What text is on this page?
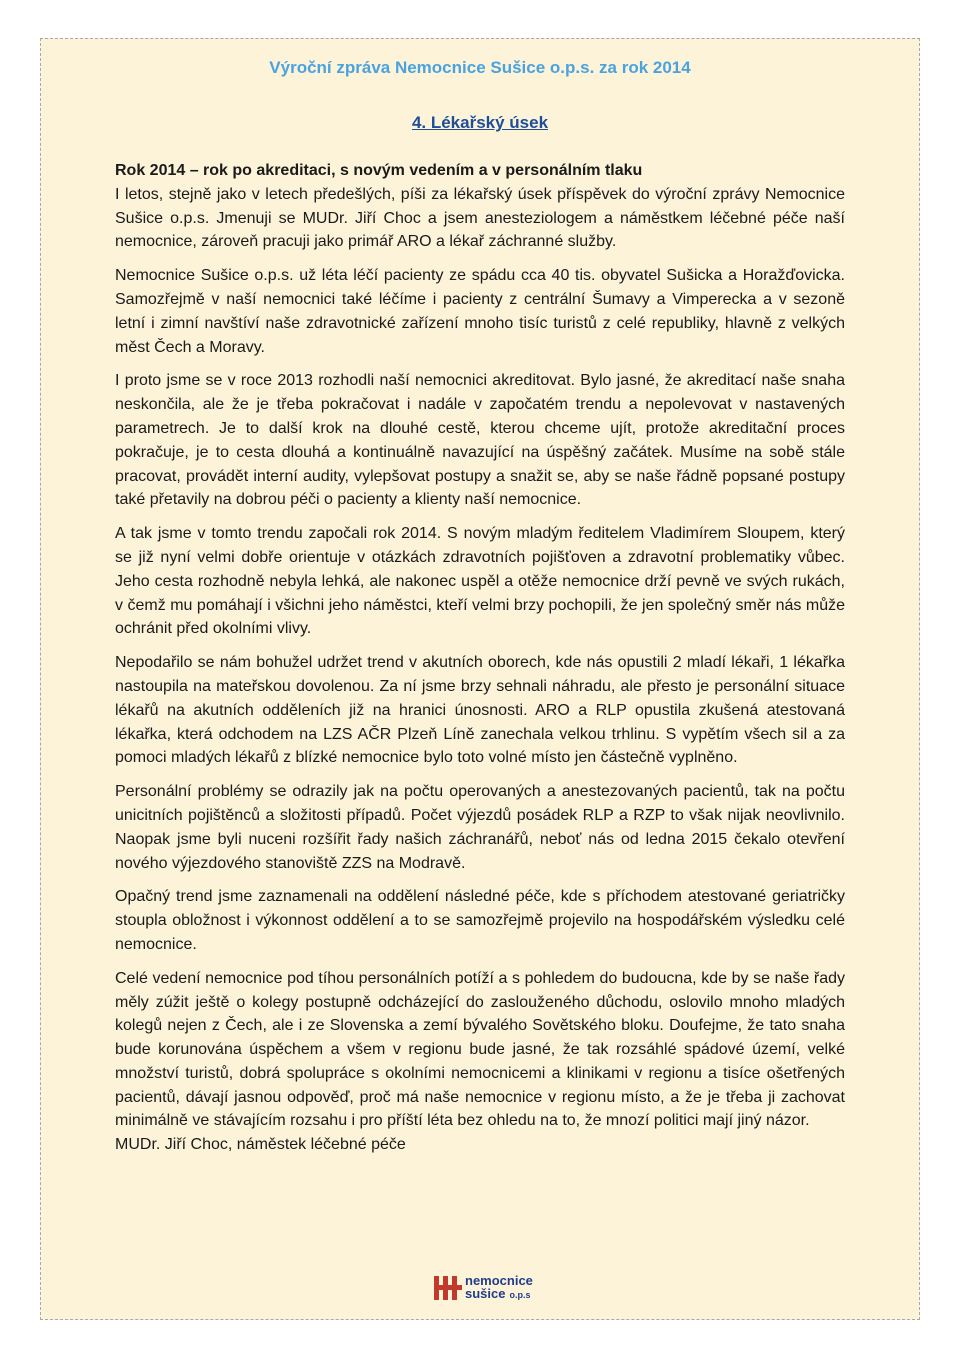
Výroční zpráva Nemocnice Sušice o.p.s. za rok 2014
4. Lékařský úsek

Rok 2014 – rok po akreditaci, s novým vedením a v personálním tlaku

I letos, stejně jako v letech předešlých, píši za lékařský úsek příspěvek do výroční zprávy Nemocnice Sušice o.p.s. Jmenuji se MUDr. Jiří Choc a jsem anesteziologem a náměstkem léčebné péče naší nemocnice, zároveň pracuji jako primář ARO a lékař záchranné služby.

Nemocnice Sušice o.p.s. už léta léčí pacienty ze spádu cca 40 tis. obyvatel Sušicka a Horažďovicka. Samozřejmě v naší nemocnici také léčíme i pacienty z centrální Šumavy a Vimperecka a v sezoně letní i zimní navštíví naše zdravotnické zařízení mnoho tisíc turistů z celé republiky, hlavně z velkých měst Čech a Moravy.

I proto jsme se v roce 2013 rozhodli naší nemocnici akreditovat. Bylo jasné, že akreditací naše snaha neskončila, ale že je třeba pokračovat i nadále v započatém trendu a nepolevovat v nastavených parametrech. Je to další krok na dlouhé cestě, kterou chceme ujít, protože akreditační proces pokračuje, je to cesta dlouhá a kontinuálně navazující na úspěšný začátek. Musíme na sobě stále pracovat, provádět interní audity, vylepšovat postupy a snažit se, aby se naše řádně popsané postupy také přetavily na dobrou péči o pacienty a klienty naší nemocnice.

A tak jsme v tomto trendu započali rok 2014. S novým mladým ředitelem Vladimírem Sloupem, který se již nyní velmi dobře orientuje v otázkách zdravotních pojišťoven a zdravotní problematiky vůbec. Jeho cesta rozhodně nebyla lehká, ale nakonec uspěl a otěže nemocnice drží pevně ve svých rukách, v čemž mu pomáhají i všichni jeho náměstci, kteří velmi brzy pochopili, že jen společný směr nás může ochránit před okolními vlivy.

Nepodařilo se nám bohužel udržet trend v akutních oborech, kde nás opustili 2 mladí lékaři, 1 lékařka nastoupila na mateřskou dovolenou. Za ní jsme brzy sehnali náhradu, ale přesto je personální situace lékařů na akutních odděleních již na hranici únosnosti. ARO a RLP opustila zkušená atestovaná lékařka, která odchodem na LZS AČR Plzeň Líně zanechala velkou trhlinu. S vypětím všech sil a za pomoci mladých lékařů z blízké nemocnice bylo toto volné místo jen částečně vyplněno.

Personální problémy se odrazily jak na počtu operovaných a anestezovaných pacientů, tak na počtu unicitních pojištěnců a složitosti případů. Počet výjezdů posádek RLP a RZP to však nijak neovlivnilo. Naopak jsme byli nuceni rozšířit řady našich záchranářů, neboť nás od ledna 2015 čekalo otevření nového výjezdového stanoviště ZZS na Modravě.

Opačný trend jsme zaznamenali na oddělení následné péče, kde s příchodem atestované geriatričky stoupla obložnost i výkonnost oddělení a to se samozřejmě projevilo na hospodářském výsledku celé nemocnice.

Celé vedení nemocnice pod tíhou personálních potíží a s pohledem do budoucna, kde by se naše řady měly zúžit ještě o kolegy postupně odcházející do zaslouženého důchodu, oslovilo mnoho mladých kolegů nejen z Čech, ale i ze Slovenska a zemí bývalého Sovětského bloku. Doufejme, že tato snaha bude korunována úspěchem a všem v regionu bude jasné, že tak rozsáhlé spádové území, velké množství turistů, dobrá spolupráce s okolními nemocnicemi a klinikami v regionu a tisíce ošetřených pacientů, dávají jasnou odpověď, proč má naše nemocnice v regionu místo, a že je třeba ji zachovat minimálně ve stávajícím rozsahu i pro příští léta bez ohledu na to, že mnozí politici mají jiný názor.

MUDr. Jiří Choc, náměstek léčebné péče

nemocnice
sušice o.p.s
